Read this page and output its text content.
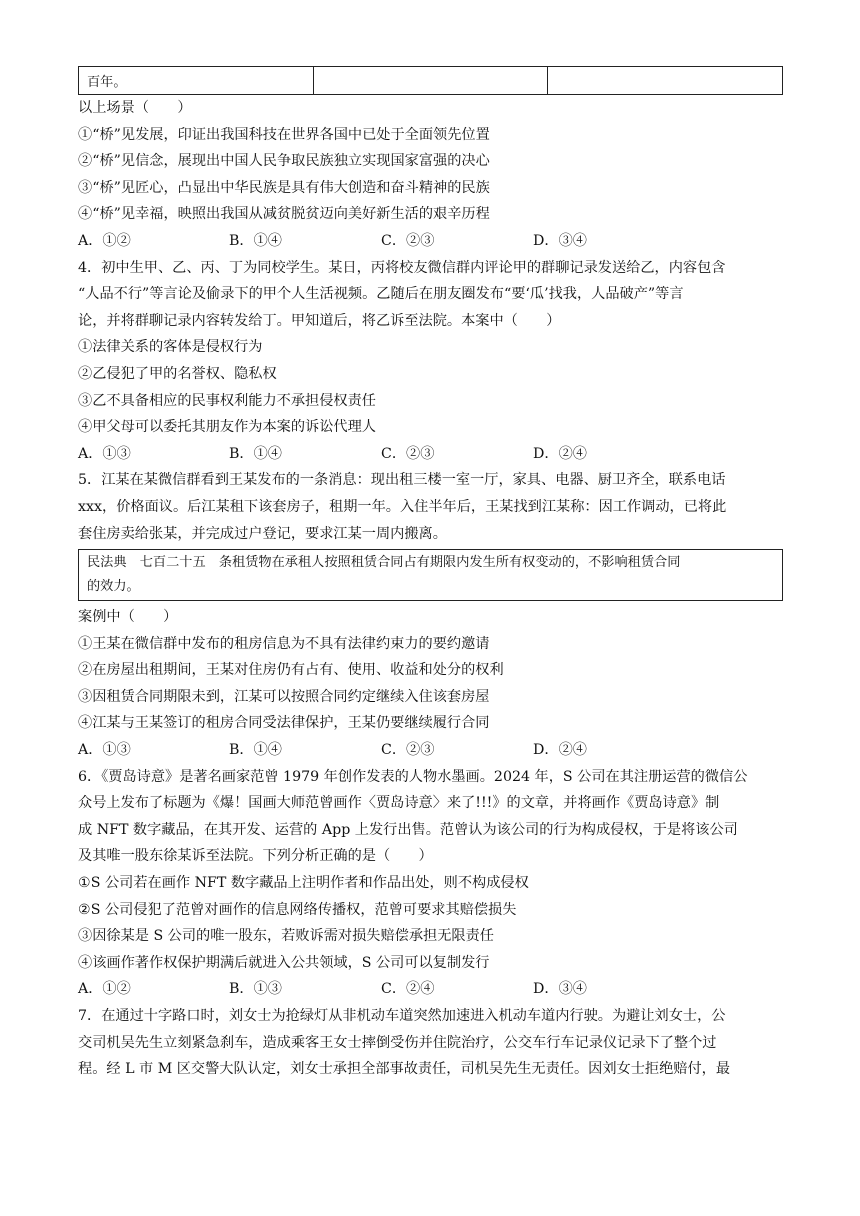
百年。		
以上场景（　　）
①“桥”见发展，印证出我国科技在世界各国中已处于全面领先位置
②“桥”见信念，展现出中国人民争取民族独立实现国家富强的决心
③“桥”见匠心，凸显出中华民族是具有伟大创造和奋斗精神的民族
④“桥”见幸福，映照出我国从减贫脱贫迈向美好新生活的艰辛历程
A．①②	B．①④	C．②③	D．③④
4．初中生甲、乙、丙、丁为同校学生。某日，丙将校友微信群内评论甲的群聊记录发送给乙，内容包含
“人品不行”等言论及偷录下的甲个人生活视频。乙随后在朋友圈发布“要‘瓜’找我，人品破产”等言
论，并将群聊记录内容转发给丁。甲知道后，将乙诉至法院。本案中（　　）
①法律关系的客体是侵权行为
②乙侵犯了甲的名誉权、隐私权
③乙不具备相应的民事权利能力不承担侵权责任
④甲父母可以委托其朋友作为本案的诉讼代理人
A．①③	B．①④	C．②③	D．②④
5．江某在某微信群看到王某发布的一条消息：现出租三楼一室一厅，家具、电器、厨卫齐全，联系电话
xxx，价格面议。后江某租下该套房子，租期一年。入住半年后，王某找到江某称：因工作调动，已将此
套住房卖给张某，并完成过户登记，要求江某一周内搬离。
民法典　七百二十五　条租赁物在承租人按照租赁合同占有期限内发生所有权变动的，不影响租赁合同
的效力。
案例中（　　）
①王某在微信群中发布的租房信息为不具有法律约束力的要约邀请
②在房屋出租期间，王某对住房仍有占有、使用、收益和处分的权利
③因租赁合同期限未到，江某可以按照合同约定继续入住该套房屋
④江某与王某签订的租房合同受法律保护，王某仍要继续履行合同
A．①③	B．①④	C．②③	D．②④
6．《贾岛诗意》是著名画家范曾 1979 年创作发表的人物水墨画。2024 年，S 公司在其注册运营的微信公
众号上发布了标题为《爆！国画大师范曾画作〈贾岛诗意〉来了!!!》的文章，并将画作《贾岛诗意》制
成 NFT 数字藏品，在其开发、运营的 App 上发行出售。范曾认为该公司的行为构成侵权，于是将该公司
及其唯一股东徐某诉至法院。下列分析正确的是（　　）
①S 公司若在画作 NFT 数字藏品上注明作者和作品出处，则不构成侵权
②S 公司侵犯了范曾对画作的信息网络传播权，范曾可要求其赔偿损失
③因徐某是 S 公司的唯一股东，若败诉需对损失赔偿承担无限责任
④该画作著作权保护期满后就进入公共领域，S 公司可以复制发行
A．①②	B．①③	C．②④	D．③④
7．在通过十字路口时，刘女士为抢绿灯从非机动车道突然加速进入机动车道内行驶。为避让刘女士，公
交司机吴先生立刻紧急刹车，造成乘客王女士摔倒受伤并住院治疗，公交车行车记录仪记录下了整个过
程。经 L 市 M 区交警大队认定，刘女士承担全部事故责任，司机吴先生无责任。因刘女士拒绝赔付，最
